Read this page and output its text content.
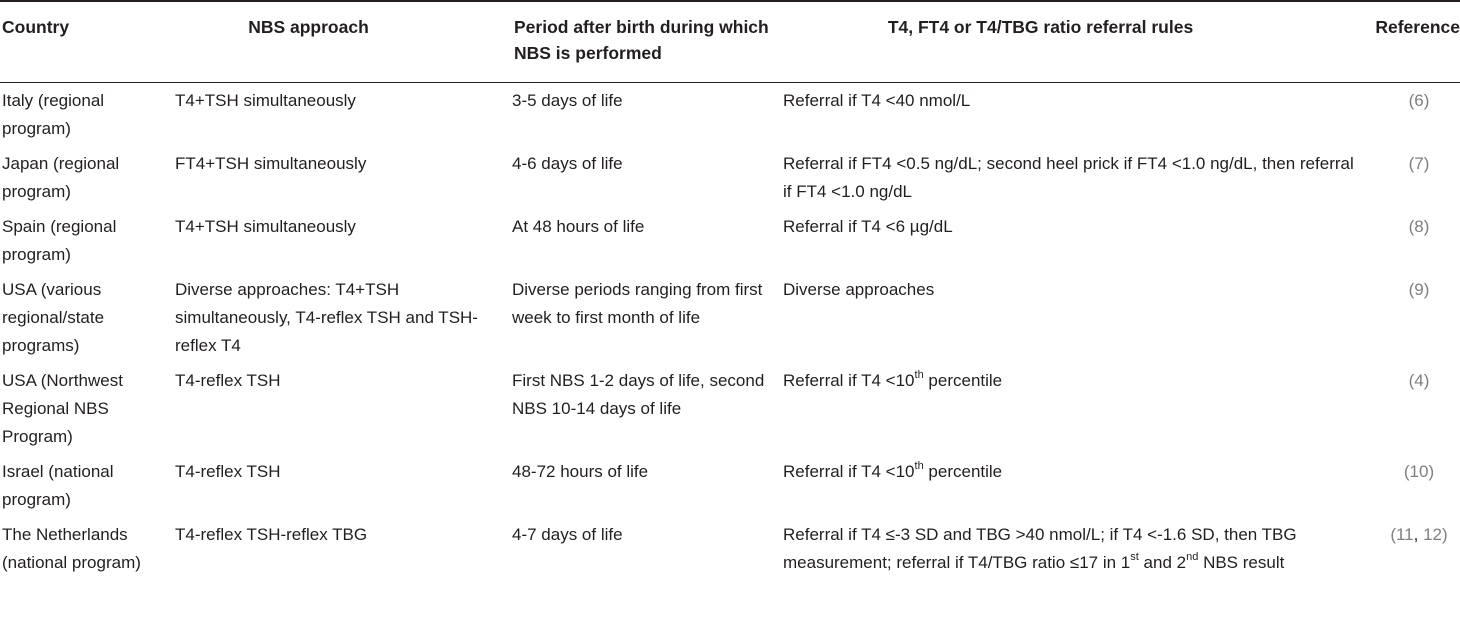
Country	NBS approach	Period after birth during which NBS is performed	T4, FT4 or T4/TBG ratio referral rules	Reference
Italy (regional program)	T4+TSH simultaneously	3-5 days of life	Referral if T4 <40 nmol/L	(6)
Japan (regional program)	FT4+TSH simultaneously	4-6 days of life	Referral if FT4 <0.5 ng/dL; second heel prick if FT4 <1.0 ng/dL, then referral if FT4 <1.0 ng/dL	(7)
Spain (regional program)	T4+TSH simultaneously	At 48 hours of life	Referral if T4 <6 µg/dL	(8)
USA (various regional/state programs)	Diverse approaches: T4+TSH simultaneously, T4-reflex TSH and TSH-reflex T4	Diverse periods ranging from first week to first month of life	Diverse approaches	(9)
USA (Northwest Regional NBS Program)	T4-reflex TSH	First NBS 1-2 days of life, second NBS 10-14 days of life	Referral if T4 <10th percentile	(4)
Israel (national program)	T4-reflex TSH	48-72 hours of life	Referral if T4 <10th percentile	(10)
The Netherlands (national program)	T4-reflex TSH-reflex TBG	4-7 days of life	Referral if T4 ≤-3 SD and TBG >40 nmol/L; if T4 <-1.6 SD, then TBG measurement; referral if T4/TBG ratio ≤17 in 1st and 2nd NBS result	(11, 12)
